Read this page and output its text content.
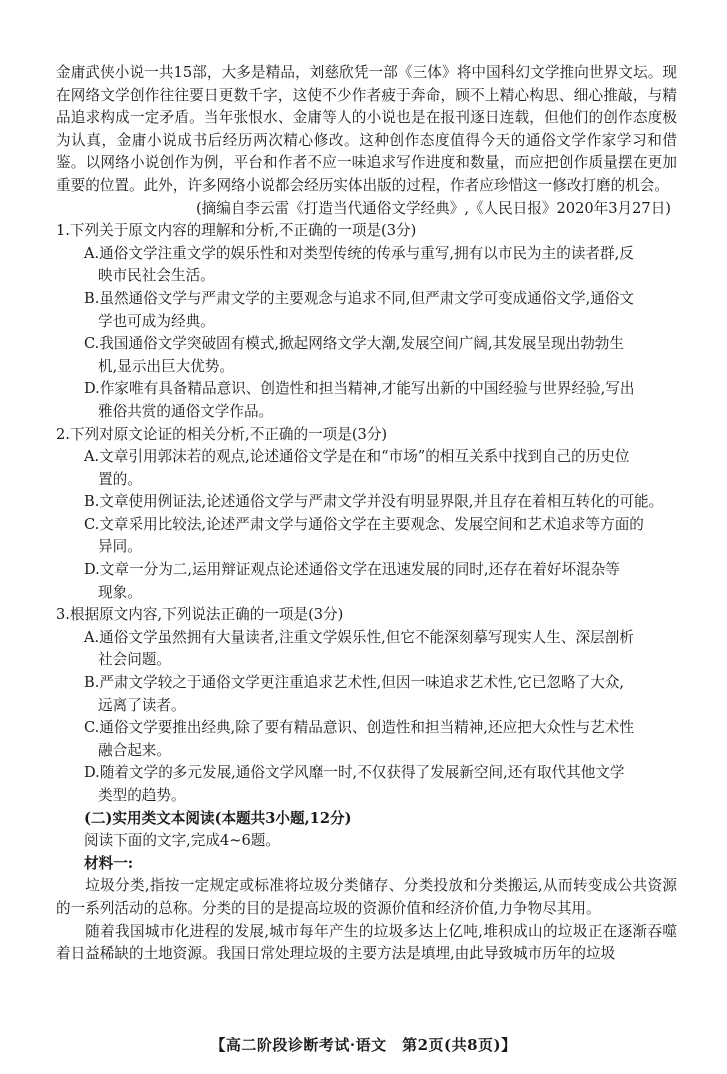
金庸武侠小说一共15部，大多是精品，刘慈欣凭一部《三体》将中国科幻文学推向世界文坛。现在网络文学创作往往要日更数千字，这使不少作者疲于奔命，顾不上精心构思、细心推敲，与精品追求构成一定矛盾。当年张恨水、金庸等人的小说也是在报刊逐日连载，但他们的创作态度极为认真，金庸小说成书后经历两次精心修改。这种创作态度值得今天的通俗文学作家学习和借鉴。以网络小说创作为例，平台和作者不应一味追求写作进度和数量，而应把创作质量摆在更加重要的位置。此外，许多网络小说都会经历实体出版的过程，作者应珍惜这一修改打磨的机会。

(摘编自李云雷《打造当代通俗文学经典》,《人民日报》2020年3月27日)

1.下列关于原文内容的理解和分析,不正确的一项是(3分)

A.通俗文学注重文学的娱乐性和对类型传统的传承与重写,拥有以市民为主的读者群,反
映市民社会生活。

B.虽然通俗文学与严肃文学的主要观念与追求不同,但严肃文学可变成通俗文学,通俗文
学也可成为经典。

C.我国通俗文学突破固有模式,掀起网络文学大潮,发展空间广阔,其发展呈现出勃勃生
机,显示出巨大优势。

D.作家唯有具备精品意识、创造性和担当精神,才能写出新的中国经验与世界经验,写出
雅俗共赏的通俗文学作品。

2.下列对原文论证的相关分析,不正确的一项是(3分)

A.文章引用郭沫若的观点,论述通俗文学是在和“市场”的相互关系中找到自己的历史位
置的。

B.文章使用例证法,论述通俗文学与严肃文学并没有明显界限,并且存在着相互转化的可能。

C.文章采用比较法,论述严肃文学与通俗文学在主要观念、发展空间和艺术追求等方面的
异同。

D.文章一分为二,运用辩证观点论述通俗文学在迅速发展的同时,还存在着好坏混杂等
现象。

3.根据原文内容,下列说法正确的一项是(3分)

A.通俗文学虽然拥有大量读者,注重文学娱乐性,但它不能深刻摹写现实人生、深层剖析
社会问题。

B.严肃文学较之于通俗文学更注重追求艺术性,但因一味追求艺术性,它已忽略了大众,
远离了读者。

C.通俗文学要推出经典,除了要有精品意识、创造性和担当精神,还应把大众性与艺术性
融合起来。

D.随着文学的多元发展,通俗文学风靡一时,不仅获得了发展新空间,还有取代其他文学
类型的趋势。

(二)实用类文本阅读(本题共3小题,12分)

阅读下面的文字,完成4~6题。

材料一:

垃圾分类,指按一定规定或标准将垃圾分类储存、分类投放和分类搬运,从而转变成公共资源的一系列活动的总称。分类的目的是提高垃圾的资源价值和经济价值,力争物尽其用。

随着我国城市化进程的发展,城市每年产生的垃圾多达上亿吨,堆积成山的垃圾正在逐渐吞噬着日益稀缺的土地资源。我国日常处理垃圾的主要方法是填埋,由此导致城市历年的垃圾

【高二阶段诊断考试·语文　第2页(共8页)】
